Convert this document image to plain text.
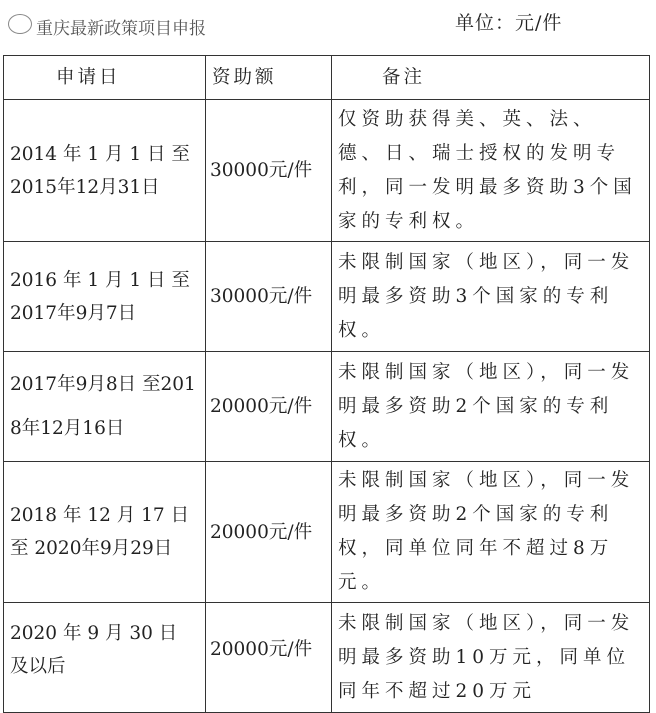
单位：元/件
申请日	资助额	备注
2014 年 1 月 1 日 至 2015年12月31日	30000元/件	仅资助获得美、英、法、德、日、瑞士授权的发明专利，同一发明最多资助3个国家的专利权。
2016 年 1 月 1 日 至 2017年9月7日	30000元/件	未限制国家（地区），同一发明最多资助3个国家的专利权。
2017年9月8日 至2018年12月16日	20000元/件	未限制国家（地区），同一发明最多资助2个国家的专利权。
2018 年 12 月 17 日 至 2020年9月29日	20000元/件	未限制国家（地区），同一发明最多资助2个国家的专利权，同单位同年不超过8万元。
2020 年 9 月 30 日 及以后	20000元/件	未限制国家（地区），同一发明最多资助10万元，同单位同年不超过20万元
重庆最新政策项目申报
